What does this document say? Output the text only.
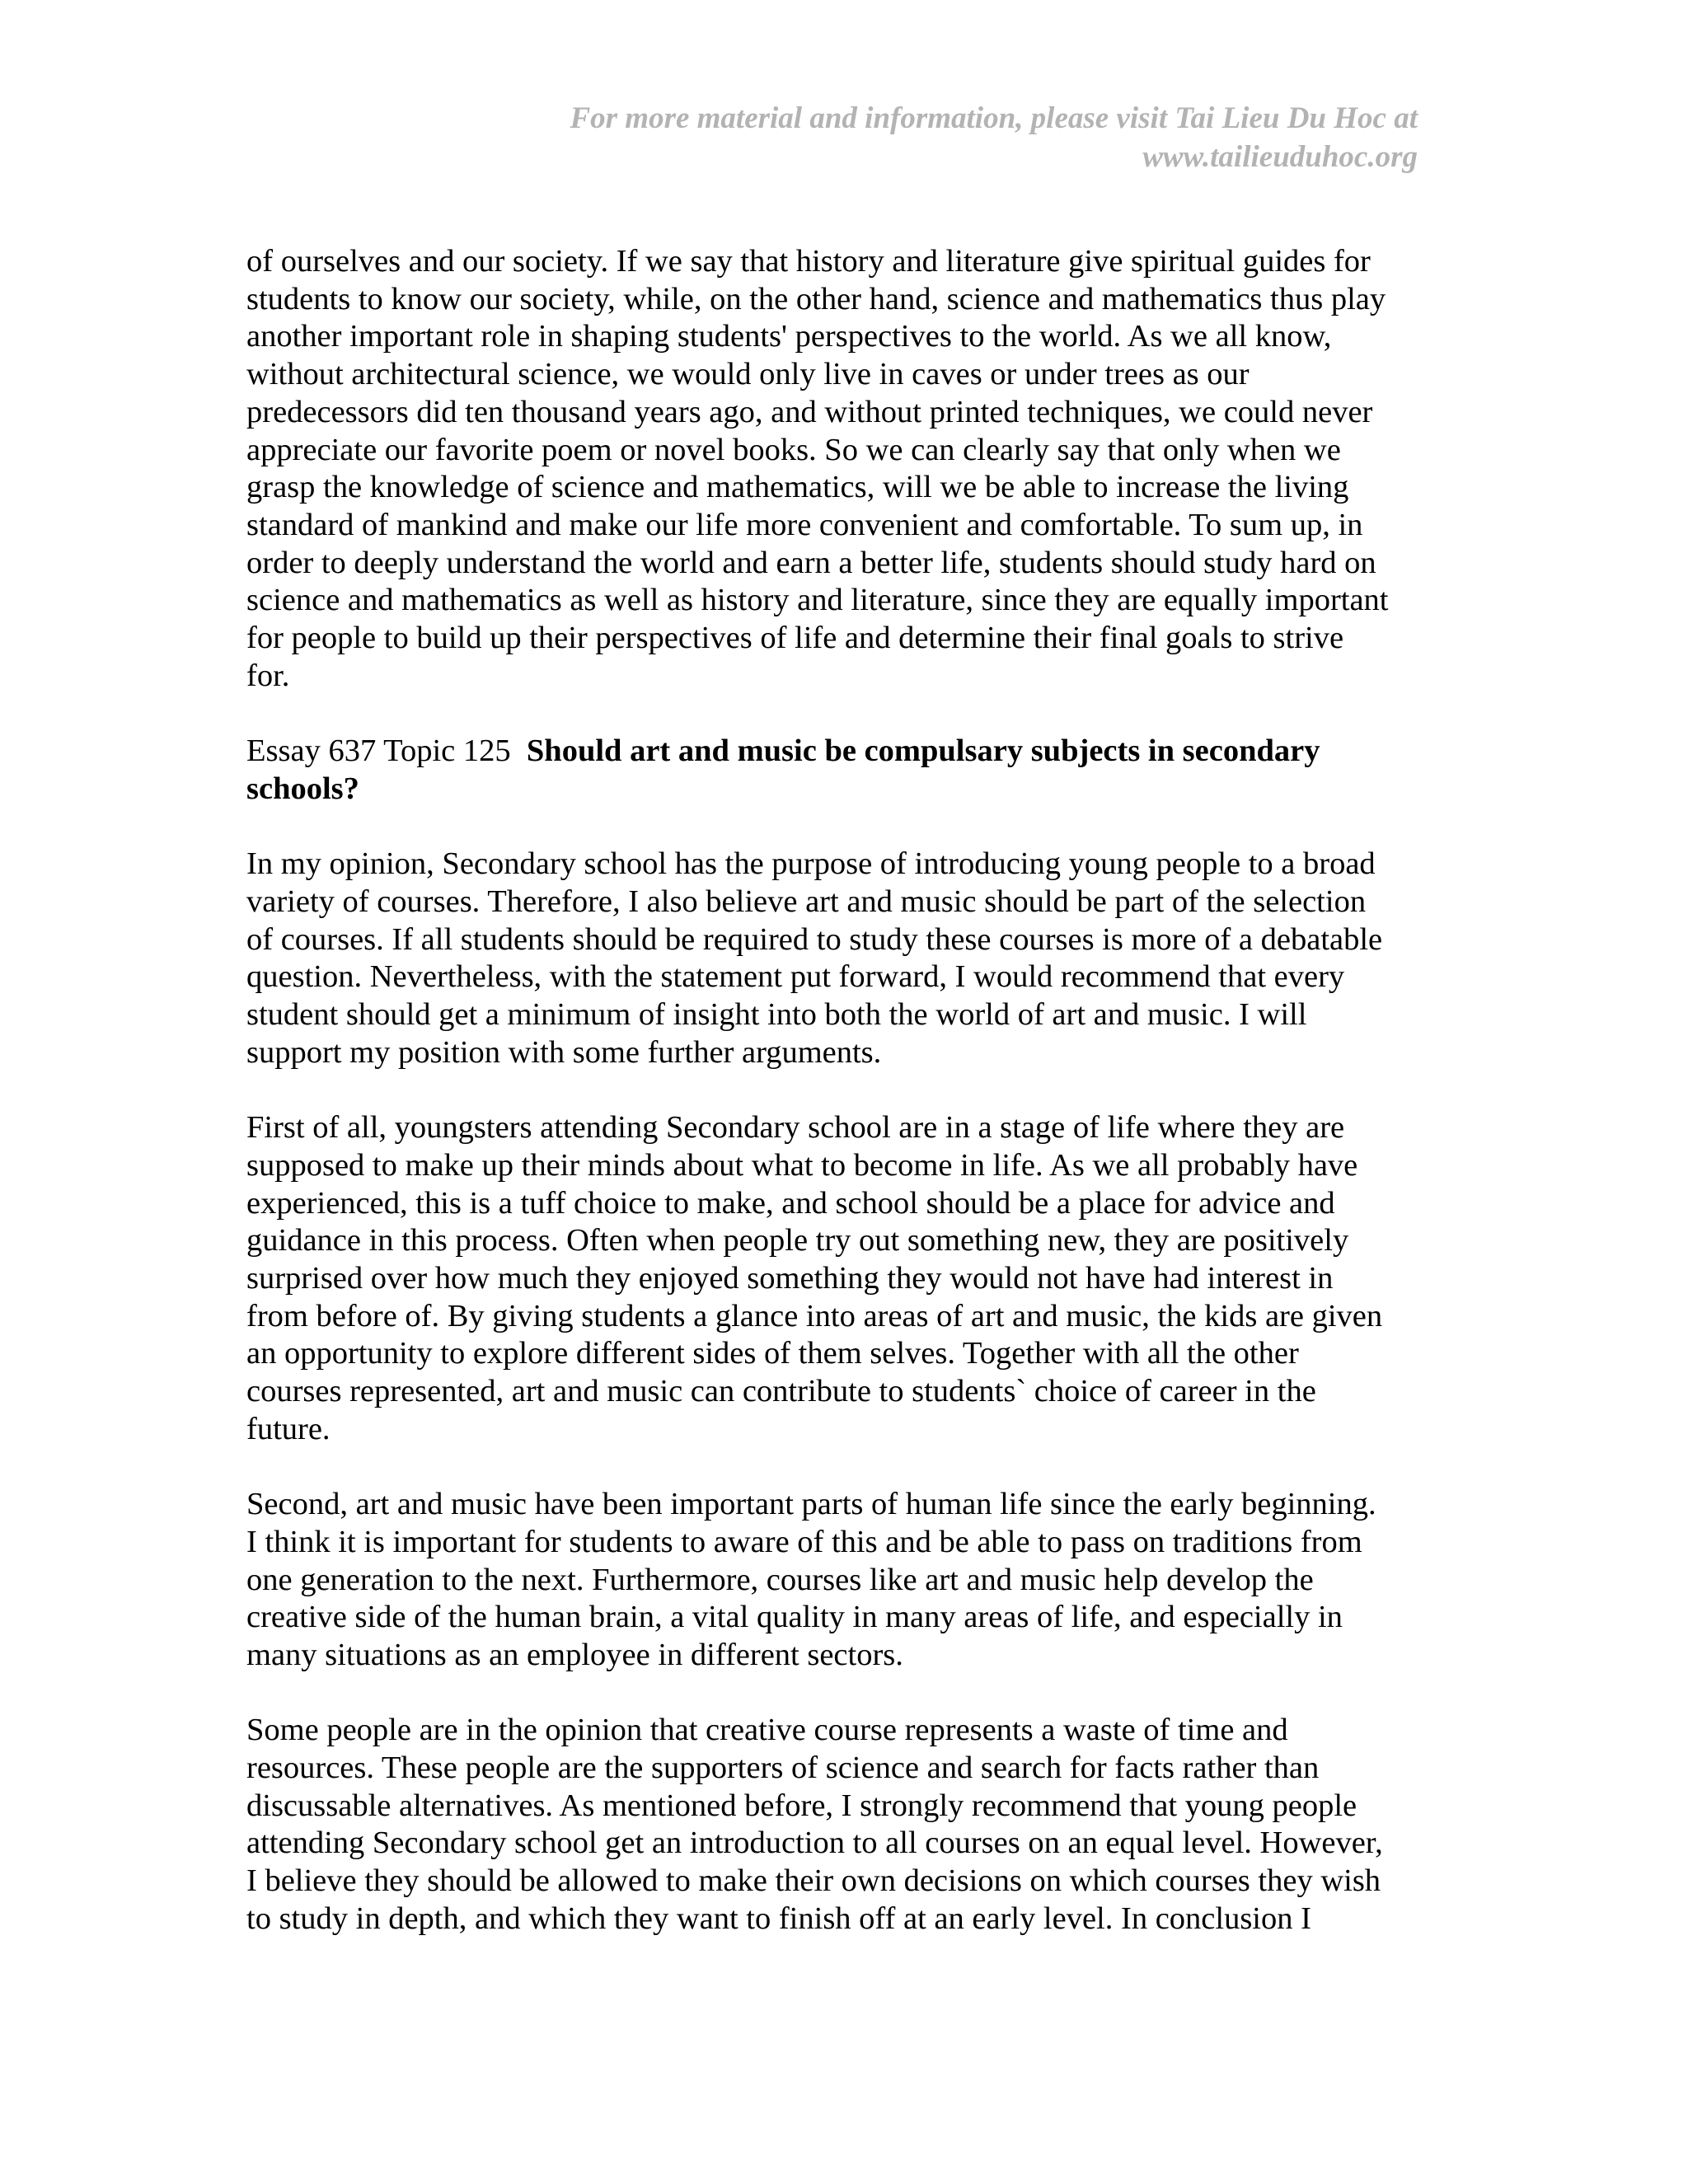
For more material and information, please visit Tai Lieu Du Hoc at
www.tailieuduhoc.org
of ourselves and our society. If we say that history and literature give spiritual guides for
students to know our society, while, on the other hand, science and mathematics thus play
another important role in shaping students' perspectives to the world. As we all know,
without architectural science, we would only live in caves or under trees as our
predecessors did ten thousand years ago, and without printed techniques, we could never
appreciate our favorite poem or novel books. So we can clearly say that only when we
grasp the knowledge of science and mathematics, will we be able to increase the living
standard of mankind and make our life more convenient and comfortable. To sum up, in
order to deeply understand the world and earn a better life, students should study hard on
science and mathematics as well as history and literature, since they are equally important
for people to build up their perspectives of life and determine their final goals to strive
for.
Essay 637 Topic 125 Should art and music be compulsary subjects in secondary
schools?
In my opinion, Secondary school has the purpose of introducing young people to a broad
variety of courses. Therefore, I also believe art and music should be part of the selection
of courses. If all students should be required to study these courses is more of a debatable
question. Nevertheless, with the statement put forward, I would recommend that every
student should get a minimum of insight into both the world of art and music. I will
support my position with some further arguments.
First of all, youngsters attending Secondary school are in a stage of life where they are
supposed to make up their minds about what to become in life. As we all probably have
experienced, this is a tuff choice to make, and school should be a place for advice and
guidance in this process. Often when people try out something new, they are positively
surprised over how much they enjoyed something they would not have had interest in
from before of. By giving students a glance into areas of art and music, the kids are given
an opportunity to explore different sides of them selves. Together with all the other
courses represented, art and music can contribute to students` choice of career in the
future.
Second, art and music have been important parts of human life since the early beginning.
I think it is important for students to aware of this and be able to pass on traditions from
one generation to the next. Furthermore, courses like art and music help develop the
creative side of the human brain, a vital quality in many areas of life, and especially in
many situations as an employee in different sectors.
Some people are in the opinion that creative course represents a waste of time and
resources. These people are the supporters of science and search for facts rather than
discussable alternatives. As mentioned before, I strongly recommend that young people
attending Secondary school get an introduction to all courses on an equal level. However,
I believe they should be allowed to make their own decisions on which courses they wish
to study in depth, and which they want to finish off at an early level. In conclusion I
